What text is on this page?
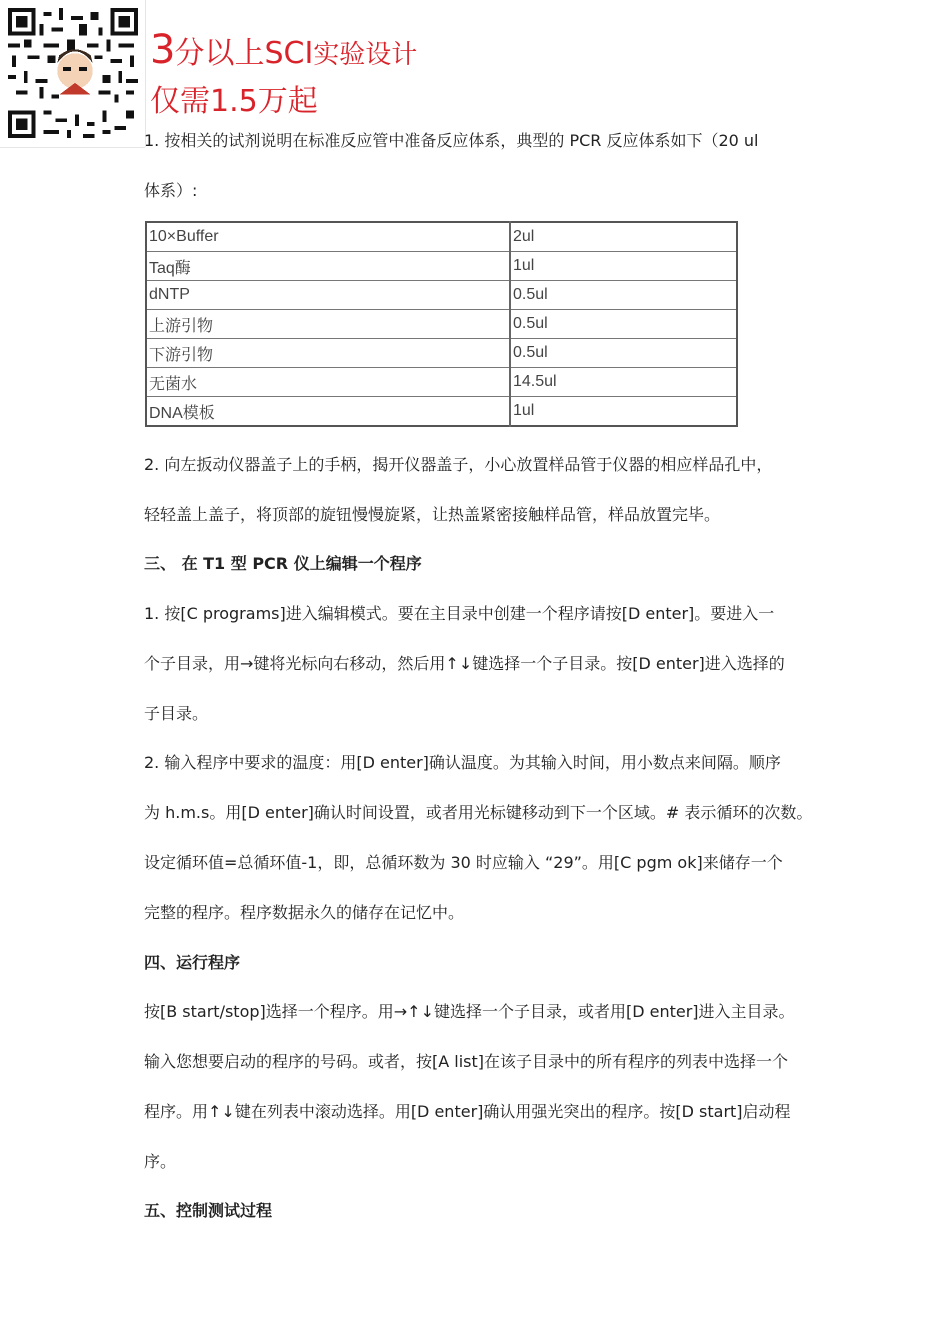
3分以上SCI实验设计
仅需1.5万起
1. 按相关的试剂说明在标准反应管中准备反应体系，典型的 PCR 反应体系如下（20 ul
体系）:
10×Buffer	2ul
Taq酶	1ul
dNTP	0.5ul
上游引物	0.5ul
下游引物	0.5ul
无菌水	14.5ul
DNA模板	1ul
2. 向左扳动仪器盖子上的手柄，揭开仪器盖子，小心放置样品管于仪器的相应样品孔中，
轻轻盖上盖子，将顶部的旋钮慢慢旋紧，让热盖紧密接触样品管，样品放置完毕。
三、 在 T1 型 PCR 仪上编辑一个程序
1. 按[C programs]进入编辑模式。要在主目录中创建一个程序请按[D enter]。要进入一
个子目录，用→键将光标向右移动，然后用↑↓键选择一个子目录。按[D enter]进入选择的
子目录。
2. 输入程序中要求的温度：用[D enter]确认温度。为其输入时间，用小数点来间隔。顺序
为 h.m.s。用[D enter]确认时间设置，或者用光标键移动到下一个区域。# 表示循环的次数。
设定循环值=总循环值-1，即，总循环数为 30 时应输入 “29”。用[C pgm ok]来储存一个
完整的程序。程序数据永久的储存在记忆中。
四、运行程序
按[B start/stop]选择一个程序。用→↑↓键选择一个子目录，或者用[D enter]进入主目录。
输入您想要启动的程序的号码。或者，按[A list]在该子目录中的所有程序的列表中选择一个
程序。用↑↓键在列表中滚动选择。用[D enter]确认用强光突出的程序。按[D start]启动程
序。
五、控制测试过程
